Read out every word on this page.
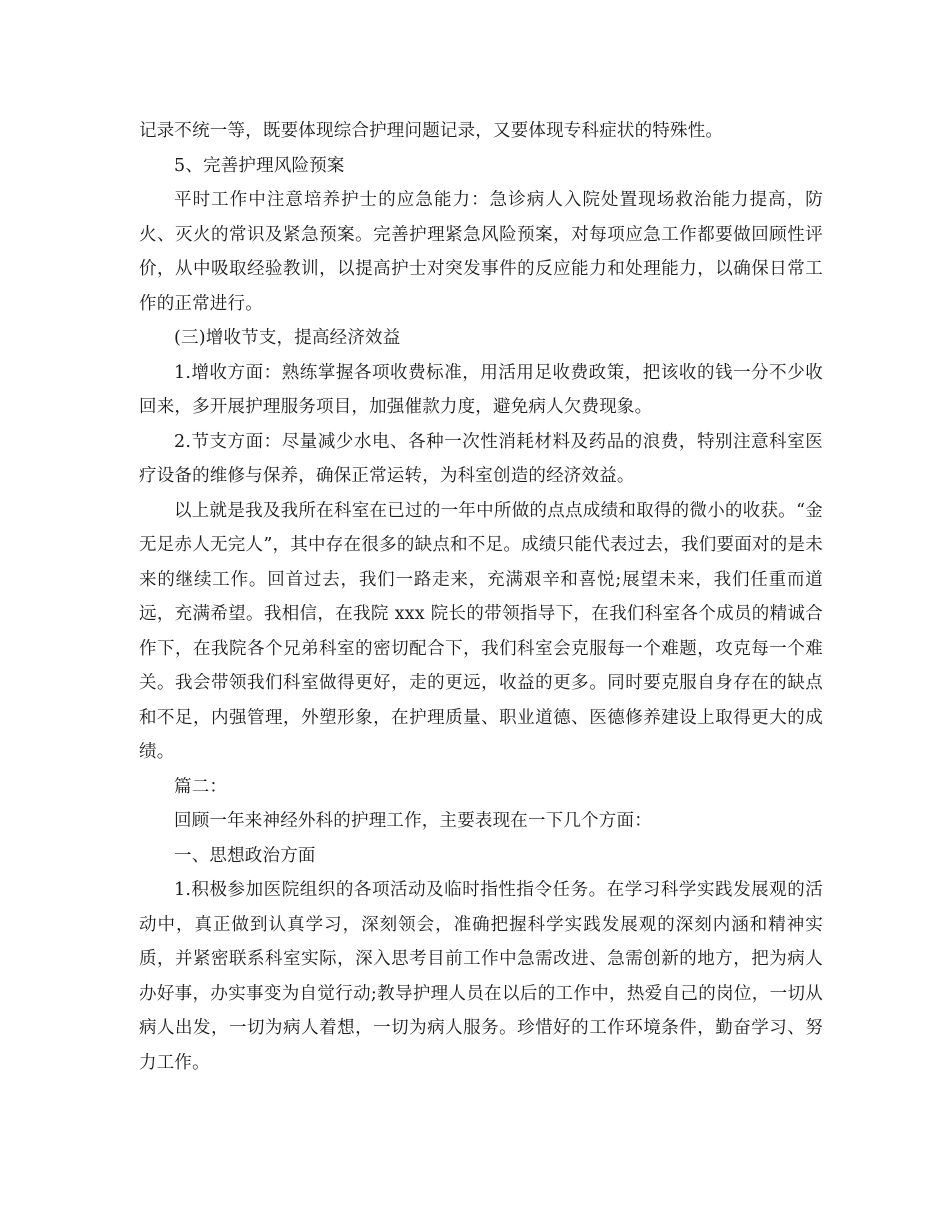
记录不统一等，既要体现综合护理问题记录，又要体现专科症状的特殊性。

5、完善护理风险预案

平时工作中注意培养护士的应急能力：急诊病人入院处置现场救治能力提高，防火、灭火的常识及紧急预案。完善护理紧急风险预案，对每项应急工作都要做回顾性评价，从中吸取经验教训，以提高护士对突发事件的反应能力和处理能力，以确保日常工作的正常进行。

(三)增收节支，提高经济效益

1.增收方面：熟练掌握各项收费标准，用活用足收费政策，把该收的钱一分不少收回来，多开展护理服务项目，加强催款力度，避免病人欠费现象。

2.节支方面：尽量减少水电、各种一次性消耗材料及药品的浪费，特别注意科室医疗设备的维修与保养，确保正常运转，为科室创造的经济效益。

以上就是我及我所在科室在已过的一年中所做的点点成绩和取得的微小的收获。“金无足赤人无完人”，其中存在很多的缺点和不足。成绩只能代表过去，我们要面对的是未来的继续工作。回首过去，我们一路走来，充满艰辛和喜悦;展望未来，我们任重而道远，充满希望。我相信，在我院 xxx 院长的带领指导下，在我们科室各个成员的精诚合作下，在我院各个兄弟科室的密切配合下，我们科室会克服每一个难题，攻克每一个难关。我会带领我们科室做得更好，走的更远，收益的更多。同时要克服自身存在的缺点和不足，内强管理，外塑形象，在护理质量、职业道德、医德修养建设上取得更大的成绩。

篇二：

回顾一年来神经外科的护理工作，主要表现在一下几个方面：

一、思想政治方面

1.积极参加医院组织的各项活动及临时指性指令任务。在学习科学实践发展观的活动中，真正做到认真学习，深刻领会，准确把握科学实践发展观的深刻内涵和精神实质，并紧密联系科室实际，深入思考目前工作中急需改进、急需创新的地方，把为病人办好事，办实事变为自觉行动;教导护理人员在以后的工作中，热爱自己的岗位，一切从病人出发，一切为病人着想，一切为病人服务。珍惜好的工作环境条件，勤奋学习、努力工作。
